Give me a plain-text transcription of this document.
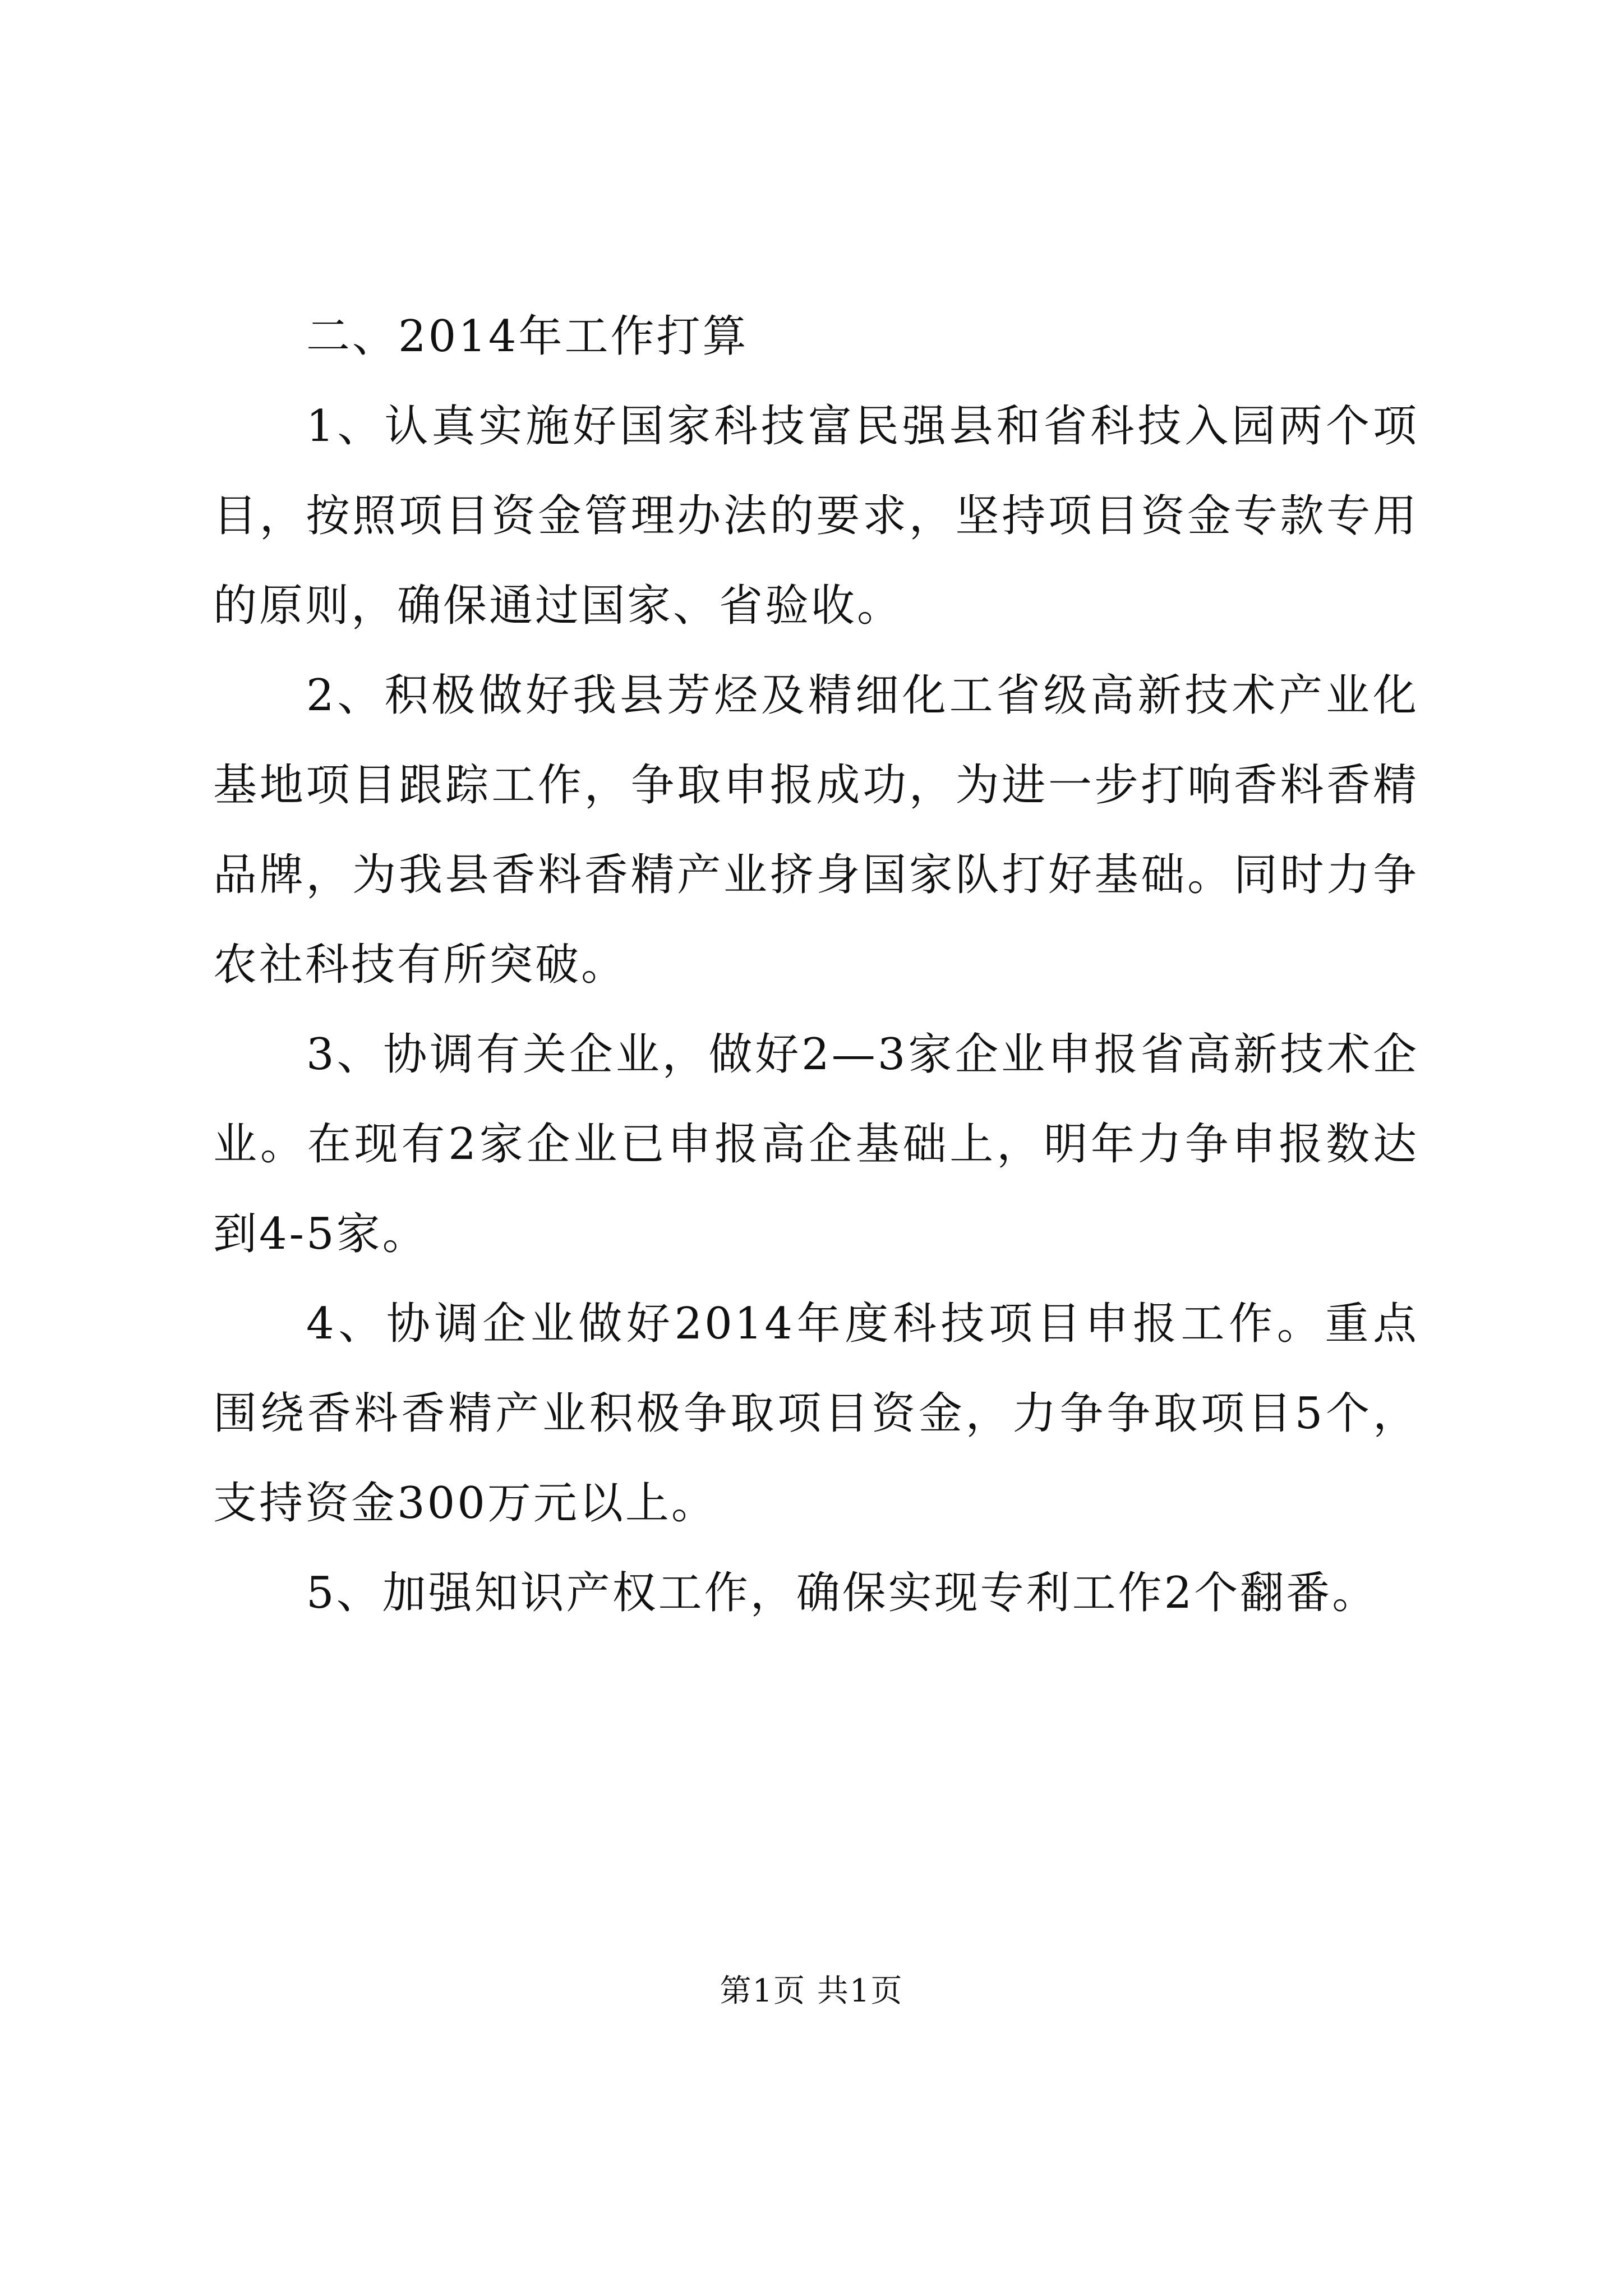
二、2014年工作打算

1、认真实施好国家科技富民强县和省科技入园两个项目，按照项目资金管理办法的要求，坚持项目资金专款专用的原则，确保通过国家、省验收。

2、积极做好我县芳烃及精细化工省级高新技术产业化基地项目跟踪工作，争取申报成功，为进一步打响香料香精品牌，为我县香料香精产业挤身国家队打好基础。同时力争农社科技有所突破。

3、协调有关企业，做好2—3家企业申报省高新技术企业。在现有2家企业已申报高企基础上，明年力争申报数达到4-5家。

4、协调企业做好2014年度科技项目申报工作。重点围绕香料香精产业积极争取项目资金，力争争取项目5个，支持资金300万元以上。

5、加强知识产权工作，确保实现专利工作2个翻番。

第1页 共1页
